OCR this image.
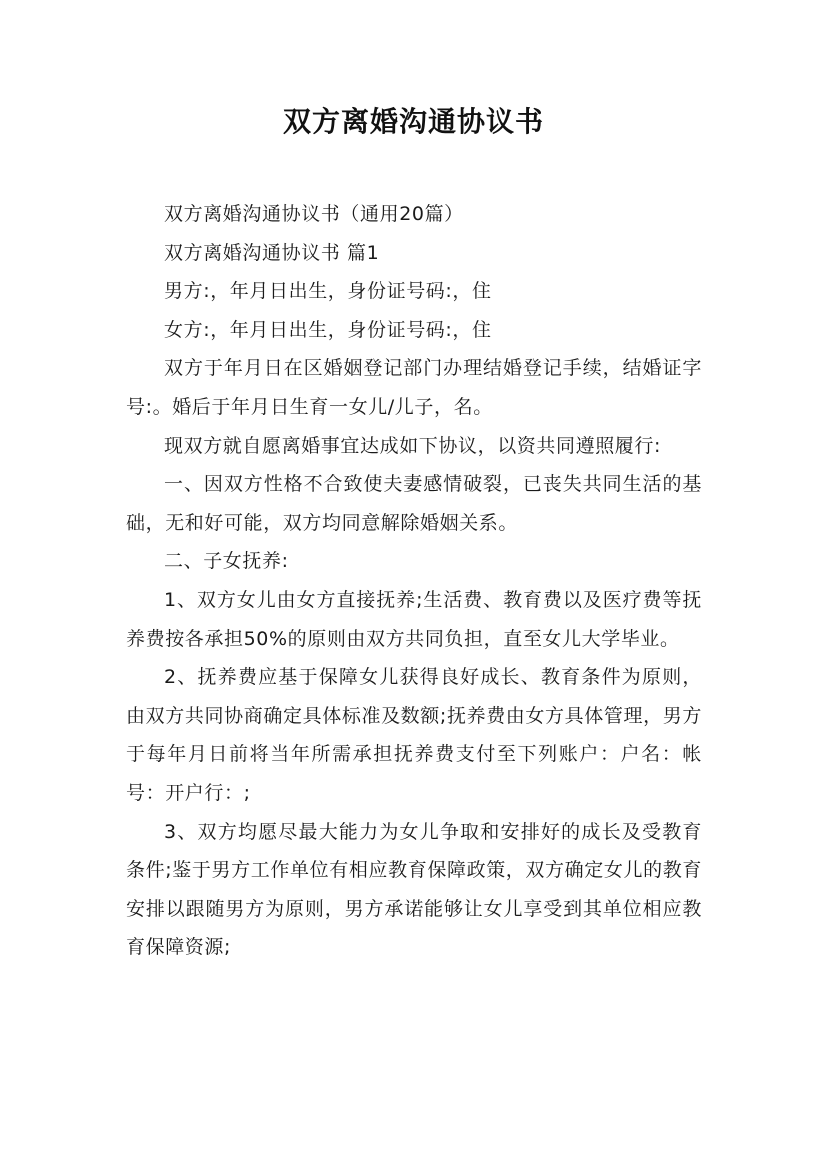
双方离婚沟通协议书

双方离婚沟通协议书（通用20篇）

双方离婚沟通协议书 篇1

男方:，年月日出生，身份证号码:，住

女方:，年月日出生，身份证号码:，住

双方于年月日在区婚姻登记部门办理结婚登记手续，结婚证字号:。婚后于年月日生育一女儿/儿子，名。

现双方就自愿离婚事宜达成如下协议，以资共同遵照履行:

一、因双方性格不合致使夫妻感情破裂，已丧失共同生活的基础，无和好可能，双方均同意解除婚姻关系。

二、子女抚养:

1、双方女儿由女方直接抚养;生活费、教育费以及医疗费等抚养费按各承担50%的原则由双方共同负担，直至女儿大学毕业。

2、抚养费应基于保障女儿获得良好成长、教育条件为原则，由双方共同协商确定具体标准及数额;抚养费由女方具体管理，男方于每年月日前将当年所需承担抚养费支付至下列账户：户名：帐号：开户行：;

3、双方均愿尽最大能力为女儿争取和安排好的成长及受教育条件;鉴于男方工作单位有相应教育保障政策，双方确定女儿的教育安排以跟随男方为原则，男方承诺能够让女儿享受到其单位相应教育保障资源;
